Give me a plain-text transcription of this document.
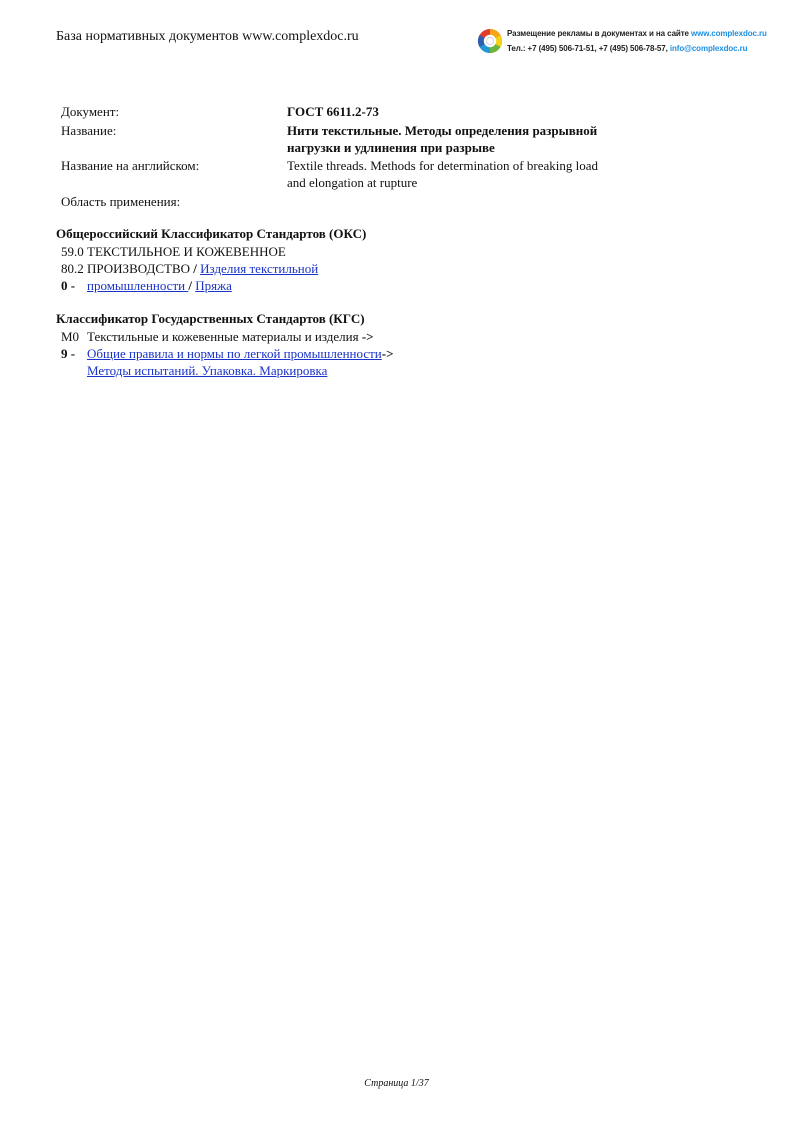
База нормативных документов www.complexdoc.ru	Размещение рекламы в документах и на сайте www.complexdoc.ru
Тел.: +7 (495) 506-71-51, +7 (495) 506-78-57, info@complexdoc.ru
Документ:	ГОСТ 6611.2-73
Название:	Нити текстильные. Методы определения разрывной
нагрузки и удлинения при разрыве
Название на английском:	Textile threads. Methods for determination of breaking load
and elongation at rupture
Область применения:
Общероссийский Классификатор Стандартов (ОКС)
59.0 ТЕКСТИЛЬНОЕ И КОЖЕВЕННОЕ
80.2 ПРОИЗВОДСТВО / Изделия текстильной
0 - промышленности / Пряжа
Классификатор Государственных Стандартов (КГС)
М0 Текстильные и кожевенные материалы и изделия ->
9 - Общие правила и нормы по легкой промышленности->
Методы испытаний. Упаковка. Маркировка
Страница 1/37
